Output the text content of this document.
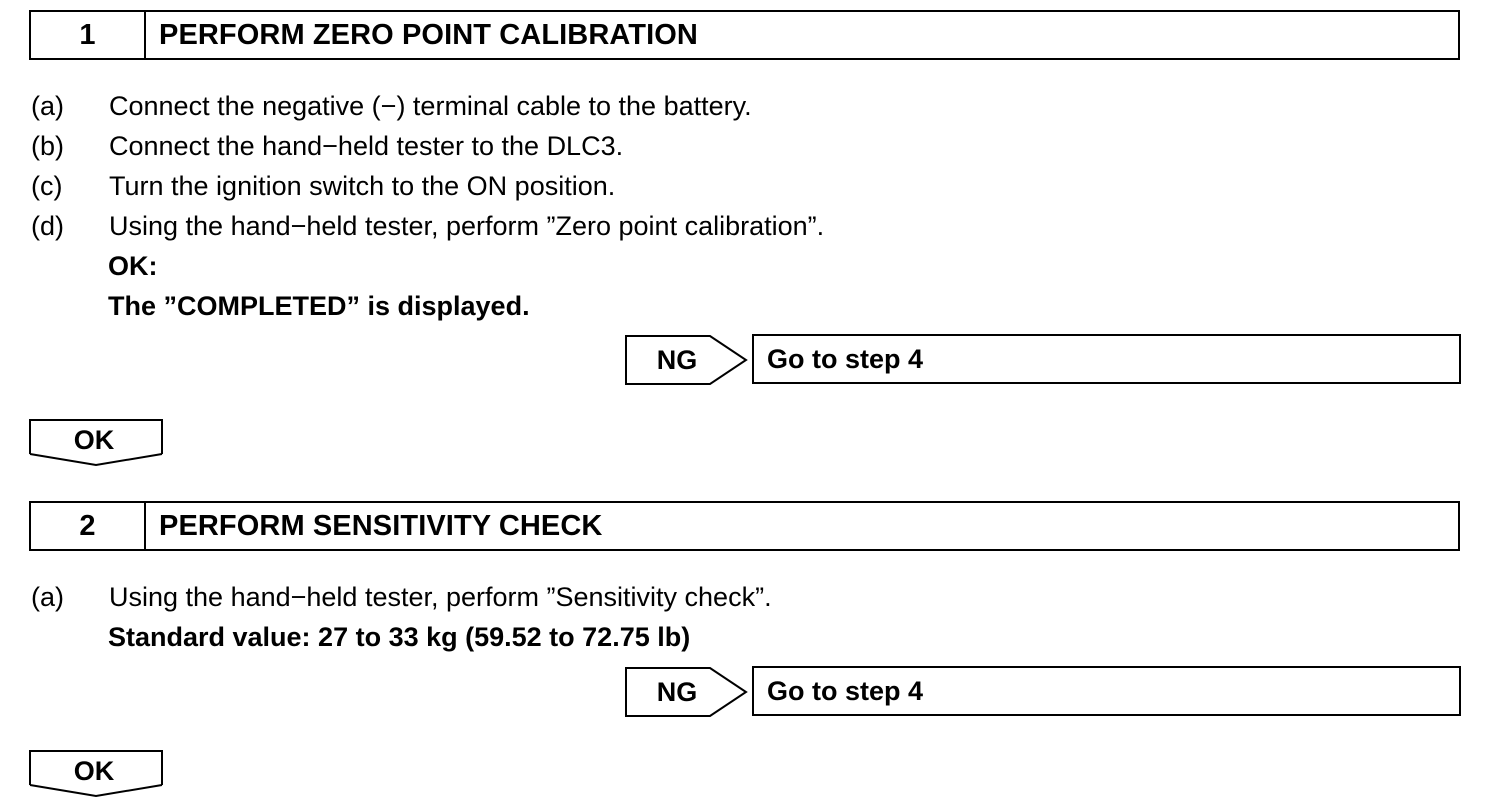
1	PERFORM ZERO POINT CALIBRATION
(a) Connect the negative (−) terminal cable to the battery.
(b) Connect the hand−held tester to the DLC3.
(c) Turn the ignition switch to the ON position.
(d) Using the hand−held tester, perform ”Zero point calibration”.
OK:
The ”COMPLETED” is displayed.
NG	Go to step 4
OK
2	PERFORM SENSITIVITY CHECK
(a) Using the hand−held tester, perform ”Sensitivity check”.
Standard value: 27 to 33 kg (59.52 to 72.75 lb)
NG	Go to step 4
OK
